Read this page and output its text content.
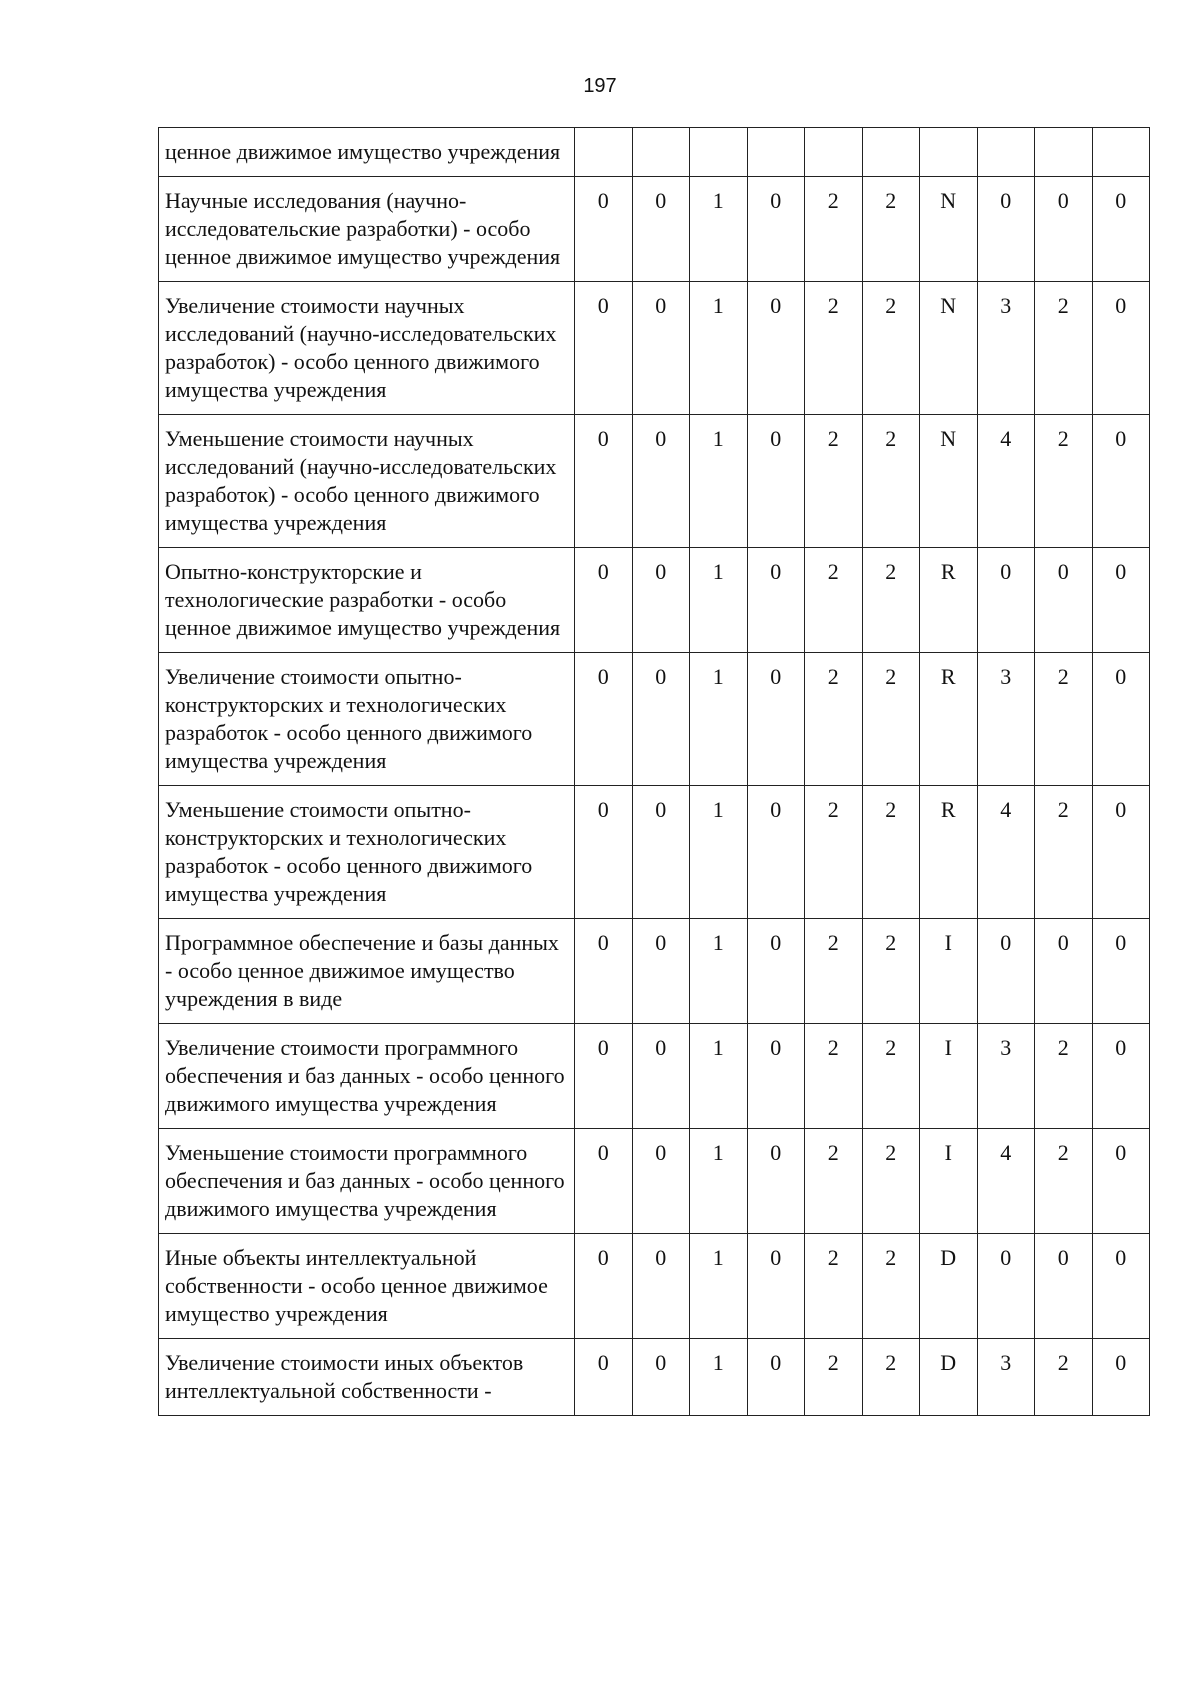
197
ценное движимое имущество учреждения										
Научные исследования (научно-исследовательские разработки) - особо ценное движимое имущество учреждения	0	0	1	0	2	2	N	0	0	0
Увеличение стоимости научных исследований (научно-исследовательских разработок) - особо ценного движимого имущества учреждения	0	0	1	0	2	2	N	3	2	0
Уменьшение стоимости научных исследований (научно-исследовательских разработок) - особо ценного движимого имущества учреждения	0	0	1	0	2	2	N	4	2	0
Опытно-конструкторские и технологические разработки - особо ценное движимое имущество учреждения	0	0	1	0	2	2	R	0	0	0
Увеличение стоимости опытно-конструкторских и технологических разработок - особо ценного движимого имущества учреждения	0	0	1	0	2	2	R	3	2	0
Уменьшение стоимости опытно-конструкторских и технологических разработок - особо ценного движимого имущества учреждения	0	0	1	0	2	2	R	4	2	0
Программное обеспечение и базы данных - особо ценное движимое имущество учреждения в виде	0	0	1	0	2	2	I	0	0	0
Увеличение стоимости программного обеспечения и баз данных - особо ценного движимого имущества учреждения	0	0	1	0	2	2	I	3	2	0
Уменьшение стоимости программного обеспечения и баз данных - особо ценного движимого имущества учреждения	0	0	1	0	2	2	I	4	2	0
Иные объекты интеллектуальной собственности - особо ценное движимое имущество учреждения	0	0	1	0	2	2	D	0	0	0
Увеличение стоимости иных объектов интеллектуальной собственности -	0	0	1	0	2	2	D	3	2	0
